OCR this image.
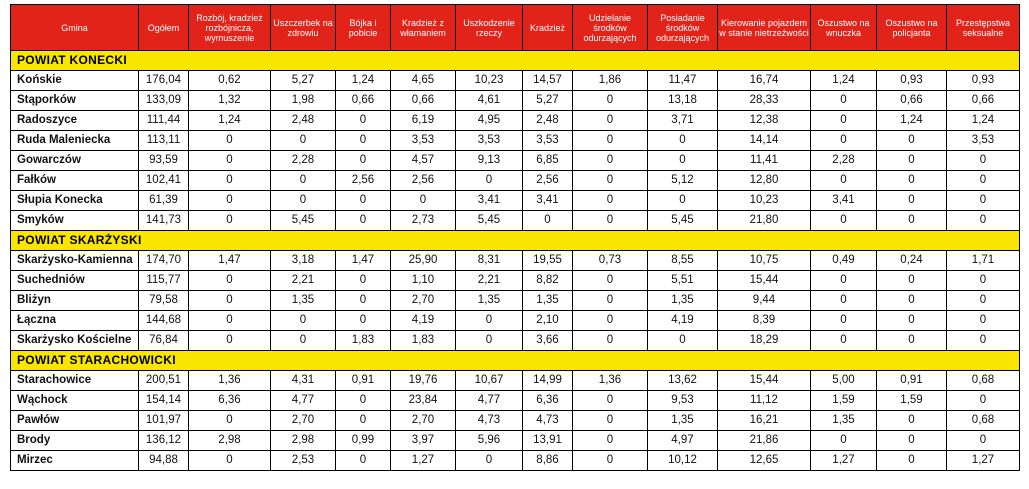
Gmina	Ogółem	Rozbój, kradzież rozbójnicza, wymuszenie	Uszczerbek na zdrowiu	Bójka i pobicie	Kradzież z włamaniem	Uszkodzenie rzeczy	Kradzież	Udzielanie środków odurzających	Posiadanie środków odurzających	Kierowanie pojazdem w stanie nietrzeźwości	Oszustwo na wnuczka	Oszustwo na policjanta	Przestępstwa seksualne
POWIAT KONECKI													
Końskie	176,04	0,62	5,27	1,24	4,65	10,23	14,57	1,86	11,47	16,74	1,24	0,93	0,93
Stąporków	133,09	1,32	1,98	0,66	0,66	4,61	5,27	0	13,18	28,33	0	0,66	0,66
Radoszyce	111,44	1,24	2,48	0	6,19	4,95	2,48	0	3,71	12,38	0	1,24	1,24
Ruda Maleniecka	113,11	0	0	0	3,53	3,53	3,53	0	0	14,14	0	0	3,53
Gowarczów	93,59	0	2,28	0	4,57	9,13	6,85	0	0	11,41	2,28	0	0
Fałków	102,41	0	0	2,56	2,56	0	2,56	0	5,12	12,80	0	0	0
Słupia Konecka	61,39	0	0	0	0	3,41	3,41	0	0	10,23	3,41	0	0
Smyków	141,73	0	5,45	0	2,73	5,45	0	0	5,45	21,80	0	0	0
POWIAT SKARŻYSKI													
Skarżysko-Kamienna	174,70	1,47	3,18	1,47	25,90	8,31	19,55	0,73	8,55	10,75	0,49	0,24	1,71
Suchedniów	115,77	0	2,21	0	1,10	2,21	8,82	0	5,51	15,44	0	0	0
Bliżyn	79,58	0	1,35	0	2,70	1,35	1,35	0	1,35	9,44	0	0	0
Łączna	144,68	0	0	0	4,19	0	2,10	0	4,19	8,39	0	0	0
Skarżysko Kościelne	76,84	0	0	1,83	1,83	0	3,66	0	0	18,29	0	0	0
POWIAT STARACHOWICKI													
Starachowice	200,51	1,36	4,31	0,91	19,76	10,67	14,99	1,36	13,62	15,44	5,00	0,91	0,68
Wąchock	154,14	6,36	4,77	0	23,84	4,77	6,36	0	9,53	11,12	1,59	1,59	0
Pawłów	101,97	0	2,70	0	2,70	4,73	4,73	0	1,35	16,21	1,35	0	0,68
Brody	136,12	2,98	2,98	0,99	3,97	5,96	13,91	0	4,97	21,86	0	0	0
Mirzec	94,88	0	2,53	0	1,27	0	8,86	0	10,12	12,65	1,27	0	1,27
